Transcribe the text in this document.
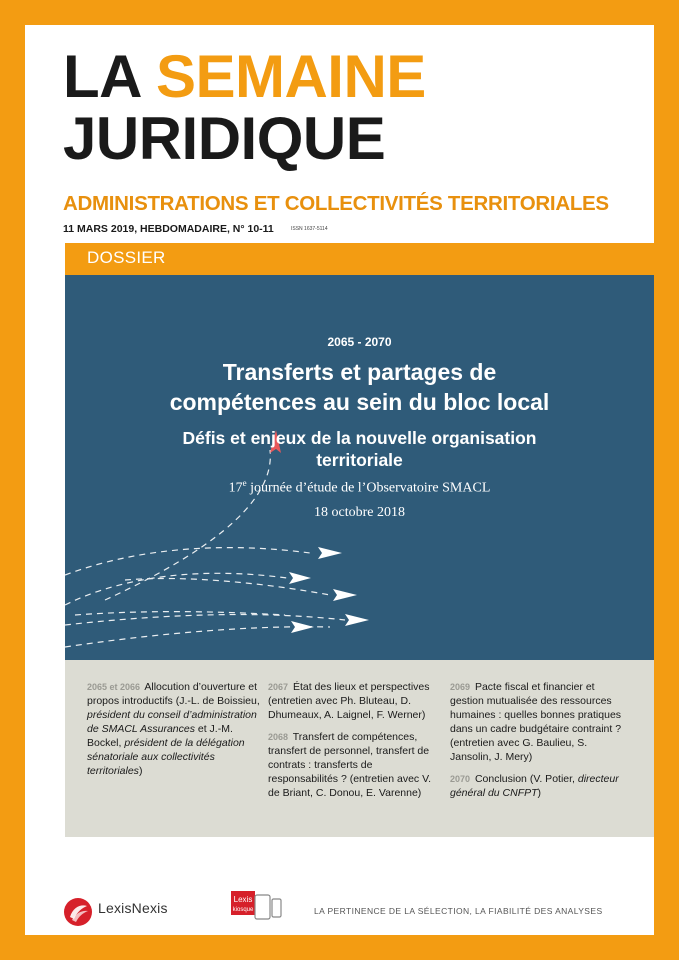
LA SEMAINE
JURIDIQUE
ADMINISTRATIONS ET COLLECTIVITÉS TERRITORIALES
11 MARS 2019, HEBDOMADAIRE, N° 10-11	ISSN 1637-5114
DOSSIER
2065 - 2070
Transferts et partages de
compétences au sein du bloc local
Défis et enjeux de la nouvelle organisation
territoriale
17e journée d’étude de l’Observatoire SMACL
18 octobre 2018
2065 et 2066 Allocution d’ouverture et propos introductifs (J.-L. de Boissieu, président du conseil d’administration de SMACL Assurances et J.-M. Bockel, président de la délégation sénatoriale aux collectivités territoriales)
2067 État des lieux et perspectives (entretien avec Ph. Bluteau, D. Dhumeaux, A. Laignel, F. Werner)
2068 Transfert de compétences, transfert de personnel, transfert de contrats : transferts de responsabilités ? (entretien avec V. de Briant, C. Donou, E. Varenne)
2069 Pacte fiscal et financier et gestion mutualisée des ressources humaines : quelles bonnes pratiques dans un cadre budgétaire contraint ? (entretien avec G. Baulieu, S. Jansolin, J. Mery)
2070 Conclusion (V. Potier, directeur général du CNFPT)
LexisNexis
Lexis
kiosque	LA PERTINENCE DE LA SÉLECTION, LA FIABILITÉ DES ANALYSES
